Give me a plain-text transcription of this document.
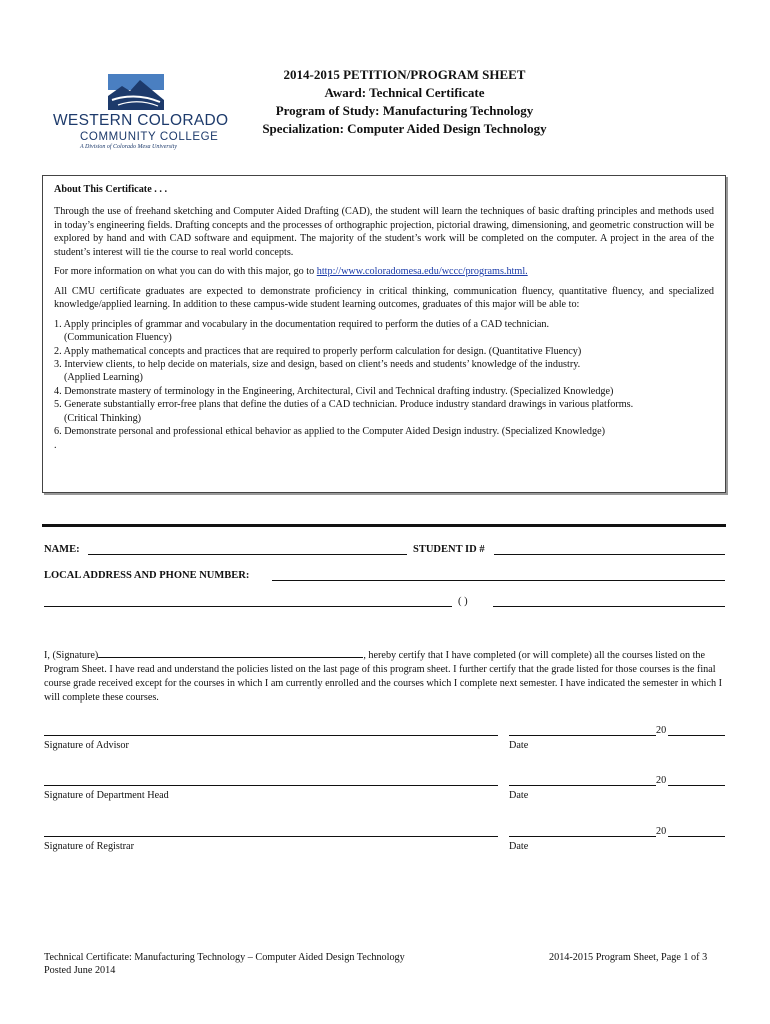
WESTERN COLORADO
COMMUNITY COLLEGE
A Division of Colorado Mesa University
2014-2015 PETITION/PROGRAM SHEET
Award: Technical Certificate
Program of Study: Manufacturing Technology
Specialization: Computer Aided Design Technology

About This Certificate . . .

Through the use of freehand sketching and Computer Aided Drafting (CAD), the student will learn the techniques of basic drafting principles and methods used in today’s engineering fields. Drafting concepts and the processes of orthographic projection, pictorial drawing, dimensioning, and geometric construction will be explored by hand and with CAD software and equipment. The majority of the student’s work will be completed on the computer. A project in the area of the student’s interest will tie the course to real world concepts.

For more information on what you can do with this major, go to http://www.coloradomesa.edu/wccc/programs.html.

All CMU certificate graduates are expected to demonstrate proficiency in critical thinking, communication fluency, quantitative fluency, and specialized knowledge/applied learning. In addition to these campus-wide student learning outcomes, graduates of this major will be able to:

1. Apply principles of grammar and vocabulary in the documentation required to perform the duties of a CAD technician.
(Communication Fluency)
2. Apply mathematical concepts and practices that are required to properly perform calculation for design. (Quantitative Fluency)
3. Interview clients, to help decide on materials, size and design, based on client’s needs and students’ knowledge of the industry.
(Applied Learning)
4. Demonstrate mastery of terminology in the Engineering, Architectural, Civil and Technical drafting industry. (Specialized Knowledge)
5. Generate substantially error-free plans that define the duties of a CAD technician. Produce industry standard drawings in various platforms.
(Critical Thinking)
6. Demonstrate personal and professional ethical behavior as applied to the Computer Aided Design industry. (Specialized Knowledge)
.
NAME:	STUDENT ID #
LOCAL ADDRESS AND PHONE NUMBER:
( )
I, (Signature)	, hereby certify that I have completed (or will complete) all the courses listed on the Program Sheet. I have read and understand the policies listed on the last page of this program sheet. I further certify that the grade listed for those courses is the final course grade received except for the courses in which I am currently enrolled and the courses which I complete next semester. I have indicated the semester in which I will complete these courses.
Signature of Advisor
20
Date
Signature of Department Head
20
Date
Signature of Registrar
20
Date
Technical Certificate: Manufacturing Technology – Computer Aided Design Technology
Posted June 2014
2014-2015 Program Sheet, Page 1 of 3
